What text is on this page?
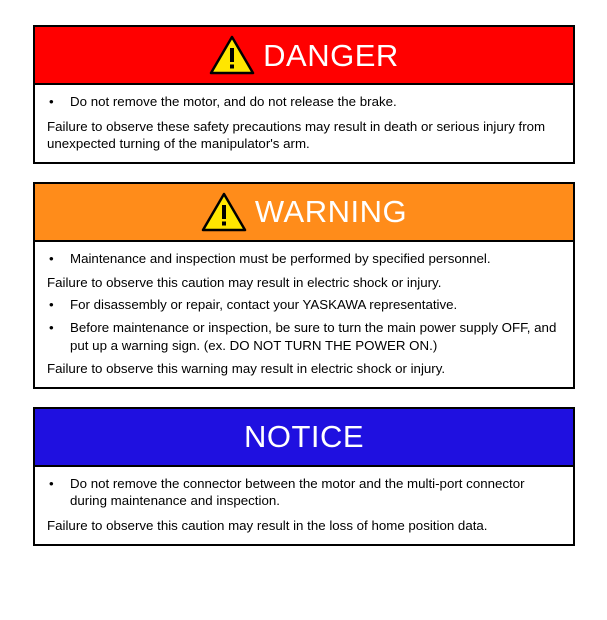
DANGER
•	Do not remove the motor, and do not release the brake.
Failure to observe these safety precautions may result in death or serious injury from unexpected turning of the manipulator's arm.
WARNING
•	Maintenance and inspection must be performed by specified personnel.
Failure to observe this caution may result in electric shock or injury.
•	For disassembly or repair, contact your YASKAWA representative.
•	Before maintenance or inspection, be sure to turn the main power supply OFF, and put up a warning sign. (ex. DO NOT TURN THE POWER ON.)
Failure to observe this warning may result in electric shock or injury.
NOTICE
•	Do not remove the connector between the motor and the multi-port connector during maintenance and inspection.
Failure to observe this caution may result in the loss of home position data.
